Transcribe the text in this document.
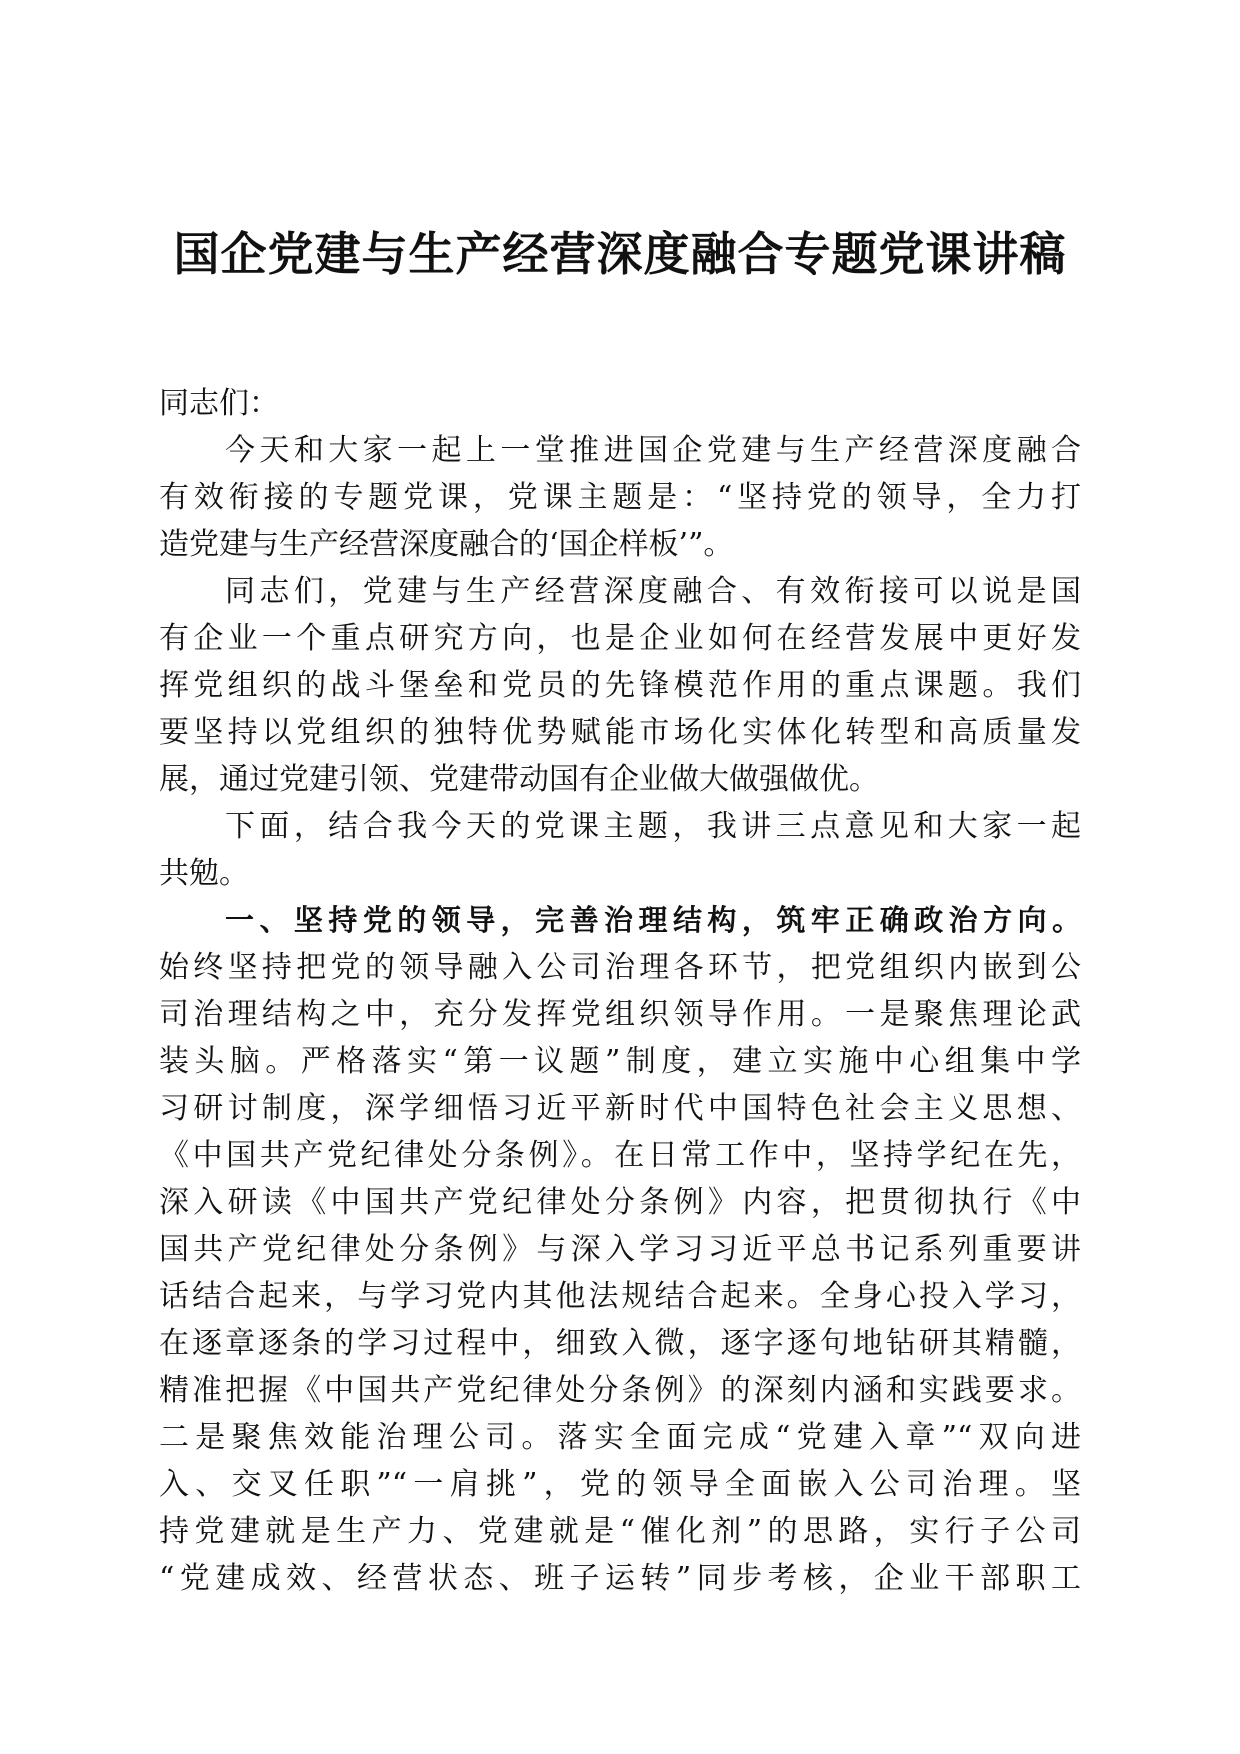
国企党建与生产经营深度融合专题党课讲稿
同志们：
今天和大家一起上一堂推进国企党建与生产经营深度融合
有效衔接的专题党课，党课主题是：“坚持党的领导，全力打
造党建与生产经营深度融合的‘国企样板’”。
同志们，党建与生产经营深度融合、有效衔接可以说是国
有企业一个重点研究方向，也是企业如何在经营发展中更好发
挥党组织的战斗堡垒和党员的先锋模范作用的重点课题。我们
要坚持以党组织的独特优势赋能市场化实体化转型和高质量发
展，通过党建引领、党建带动国有企业做大做强做优。
下面，结合我今天的党课主题，我讲三点意见和大家一起
共勉。
一、坚持党的领导，完善治理结构，筑牢正确政治方向。
始终坚持把党的领导融入公司治理各环节，把党组织内嵌到公
司治理结构之中，充分发挥党组织领导作用。一是聚焦理论武
装头脑。严格落实“第一议题”制度，建立实施中心组集中学
习研讨制度，深学细悟习近平新时代中国特色社会主义思想、
《中国共产党纪律处分条例》。在日常工作中，坚持学纪在先，
深入研读《中国共产党纪律处分条例》内容，把贯彻执行《中
国共产党纪律处分条例》与深入学习习近平总书记系列重要讲
话结合起来，与学习党内其他法规结合起来。全身心投入学习，
在逐章逐条的学习过程中，细致入微，逐字逐句地钻研其精髓，
精准把握《中国共产党纪律处分条例》的深刻内涵和实践要求。
二是聚焦效能治理公司。落实全面完成“党建入章”“双向进
入、交叉任职”“一肩挑”，党的领导全面嵌入公司治理。坚
持党建就是生产力、党建就是“催化剂”的思路，实行子公司
“党建成效、经营状态、班子运转”同步考核，企业干部职工
